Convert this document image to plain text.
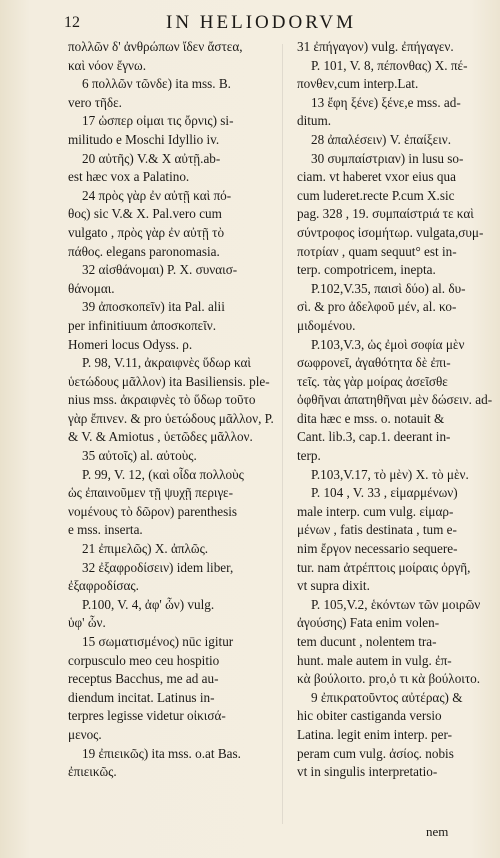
12	IN HELIODORVM
πολλῶν δ' ἀνθρώπων ἴδεν ἄστεα,
καὶ νόον ἔγνω.
6 πολλῶν τῶνδε) ita mss. B.
vero τῆδε.
17 ὡσπερ οἰμαι τις ὄρνις) si-
militudo e Moschi Idyllio iv.
20 αὐτῆς) V.& X αὐτῇ.ab-
est hæc vox a Palatino.
24 πρὸς γὰρ ἐν αὐτῇ καὶ πό-
θος) sic V.& X. Pal.vero cum
vulgato , πρὸς γὰρ ἐν αὐτῇ τὸ
πάθος. elegans paronomasia.
32 αἰσθάνομαι) P. X. συναισ-
θάνομαι.
39 ἀποσκοπεῖν) ita Pal. alii
per infinitiuum ἀποσκοπεῖν.
Homeri locus Odyss. ρ.
P. 98, V.11, ἀκραιφνὲς ὕδωρ καὶ
ὑετώδους μᾶλλον) ita Basiliensis. ple-
nius mss. ἀκραιφνὲς τὸ ὕδωρ τοῦτο
γὰρ ἔπινεν. & pro ὑετώδους μᾶλλον, P.
& V. & Amiotus , ὑετῶδες μᾶλλον.
35 αὐτοῖς) al. αὐτοὺς.
P. 99, V. 12, (καὶ οἶδα πολλοὺς
ὡς ἐπαινοῦμεν τῇ ψυχῇ περιγε-
νομένους τὸ δῶρον) parenthesis
e mss. inserta.
21 ἐπιμελῶς) X. ἀπλῶς.
32 ἐξαφροδίσειν) idem liber,
ἐξαφροδίσας.
P.100, V. 4, ἀφ' ὧν) vulg.
ὑφ' ὧν.
15 σωματισμένος) nūc igitur
corpusculo meo ceu hospitio
receptus Bacchus, me ad au-
diendum incitat. Latinus in-
terpres legisse videtur οἰκισά-
μενος.
19 ἐπιεικῶς) ita mss. o.at Bas.
ἐπιεικῶς.
31 ἐπήγαγον) vulg. ἐπήγαγεν.
P. 101, V. 8, πέπονθας) X. πέ-
πονθεν,cum interp.Lat.
13 ἔφη ξένε) ξένε,e mss. ad-
ditum.
28 ἀπαλέσειν) V. ἐπαίξειν.
30 συμπαίστριαν) in lusu so-
ciam. vt haberet vxor eius qua
cum luderet.recte P.cum X.sic
pag. 328 , 19. συμπαίστριά τε καὶ
σύντροφος ἰσομήτωρ. vulgata,συμ-
ποτρίαν , quam sequut° est in-
terp. compotricem, inepta.
P.102,V.35, παισὶ δύο) al. δυ-
σὶ. & pro ἀδελφοῦ μέν, al. κο-
μιδομένου.
P.103,V.3, ὡς ἐμοὶ σοφία μὲν
σωφρονεῖ, ἀγαθότητα δὲ ἐπι-
τεῖς. τὰς γὰρ μοίρας ἀσεῖσθε
ὀφθῆναι ἀπατηθῆναι μὲν δώσειν. ad-
dita hæc e mss. o. notauit &
Cant. lib.3, cap.1. deerant in-
terp.
P.103,V.17, τὸ μὲν) X. τὸ μὲν.
P. 104 , V. 33 , εἱμαρμένων)
male interp. cum vulg. εἱμαρ-
μένων , fatis destinata , tum e-
nim ἔργον necessario sequere-
tur. nam ἀτρέπτοις μοίραις ὀργῆ,
vt supra dixit.
P. 105,V.2, ἑκόντων τῶν μοιρῶν
ἀγούσης) Fata enim volen-
tem ducunt , nolentem tra-
hunt. male autem in vulg. ἐπ-
κὰ βούλοιτο. pro,ὁ τι κὰ βούλοιτο.
9 ἐπικρατοῦντος αὐτέρας) &
hic obiter castiganda versio
Latina. legit enim interp. per-
peram cum vulg. ἀσίος. nobis
vt in singulis interpretatio-
nem
